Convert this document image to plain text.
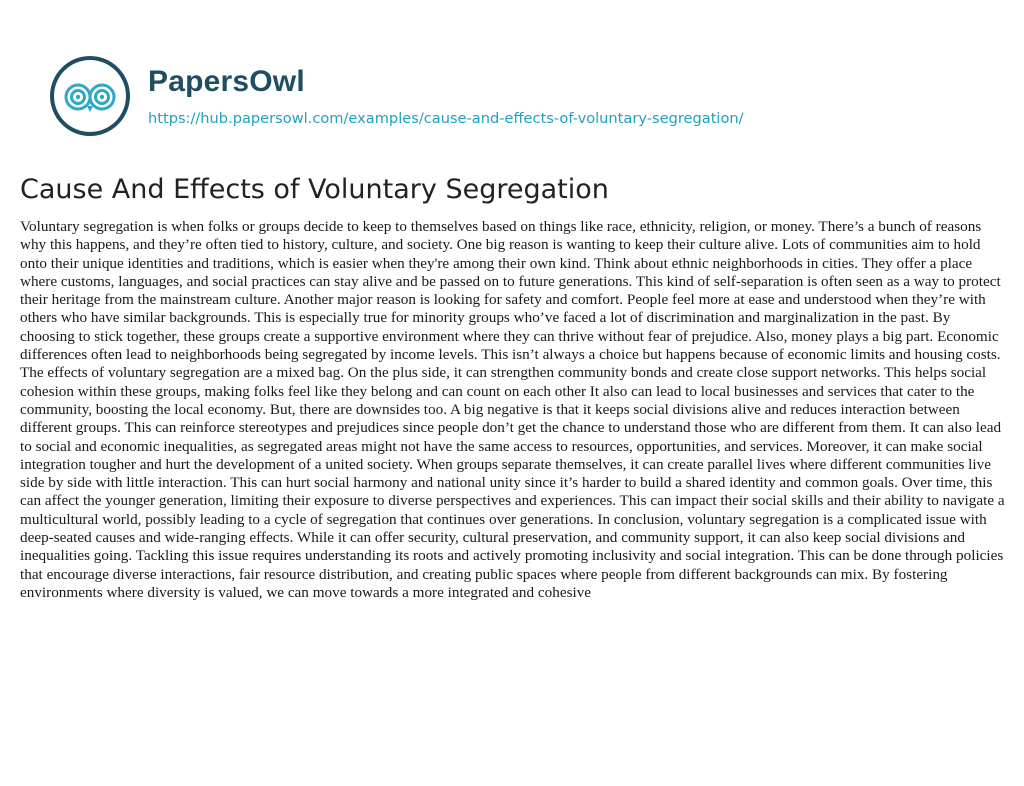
PapersOwl
https://hub.papersowl.com/examples/cause-and-effects-of-voluntary-segregation/
Cause And Effects of Voluntary Segregation

Voluntary segregation is when folks or groups decide to keep to themselves based on things like race, ethnicity, religion, or money. There’s a bunch of reasons why this happens, and they’re often tied to history, culture, and society. One big reason is wanting to keep their culture alive. Lots of communities aim to hold onto their unique identities and traditions, which is easier when they're among their own kind. Think about ethnic neighborhoods in cities. They offer a place where customs, languages, and social practices can stay alive and be passed on to future generations. This kind of self-separation is often seen as a way to protect their heritage from the mainstream culture. Another major reason is looking for safety and comfort. People feel more at ease and understood when they’re with others who have similar backgrounds. This is especially true for minority groups who’ve faced a lot of discrimination and marginalization in the past. By choosing to stick together, these groups create a supportive environment where they can thrive without fear of prejudice. Also, money plays a big part. Economic differences often lead to neighborhoods being segregated by income levels. This isn’t always a choice but happens because of economic limits and housing costs. The effects of voluntary segregation are a mixed bag. On the plus side, it can strengthen community bonds and create close support networks. This helps social cohesion within these groups, making folks feel like they belong and can count on each other It also can lead to local businesses and services that cater to the community, boosting the local economy. But, there are downsides too. A big negative is that it keeps social divisions alive and reduces interaction between different groups. This can reinforce stereotypes and prejudices since people don’t get the chance to understand those who are different from them. It can also lead to social and economic inequalities, as segregated areas might not have the same access to resources, opportunities, and services. Moreover, it can make social integration tougher and hurt the development of a united society. When groups separate themselves, it can create parallel lives where different communities live side by side with little interaction. This can hurt social harmony and national unity since it’s harder to build a shared identity and common goals. Over time, this can affect the younger generation, limiting their exposure to diverse perspectives and experiences. This can impact their social skills and their ability to navigate a multicultural world, possibly leading to a cycle of segregation that continues over generations. In conclusion, voluntary segregation is a complicated issue with deep-seated causes and wide-ranging effects. While it can offer security, cultural preservation, and community support, it can also keep social divisions and inequalities going. Tackling this issue requires understanding its roots and actively promoting inclusivity and social integration. This can be done through policies that encourage diverse interactions, fair resource distribution, and creating public spaces where people from different backgrounds can mix. By fostering environments where diversity is valued, we can move towards a more integrated and cohesive
